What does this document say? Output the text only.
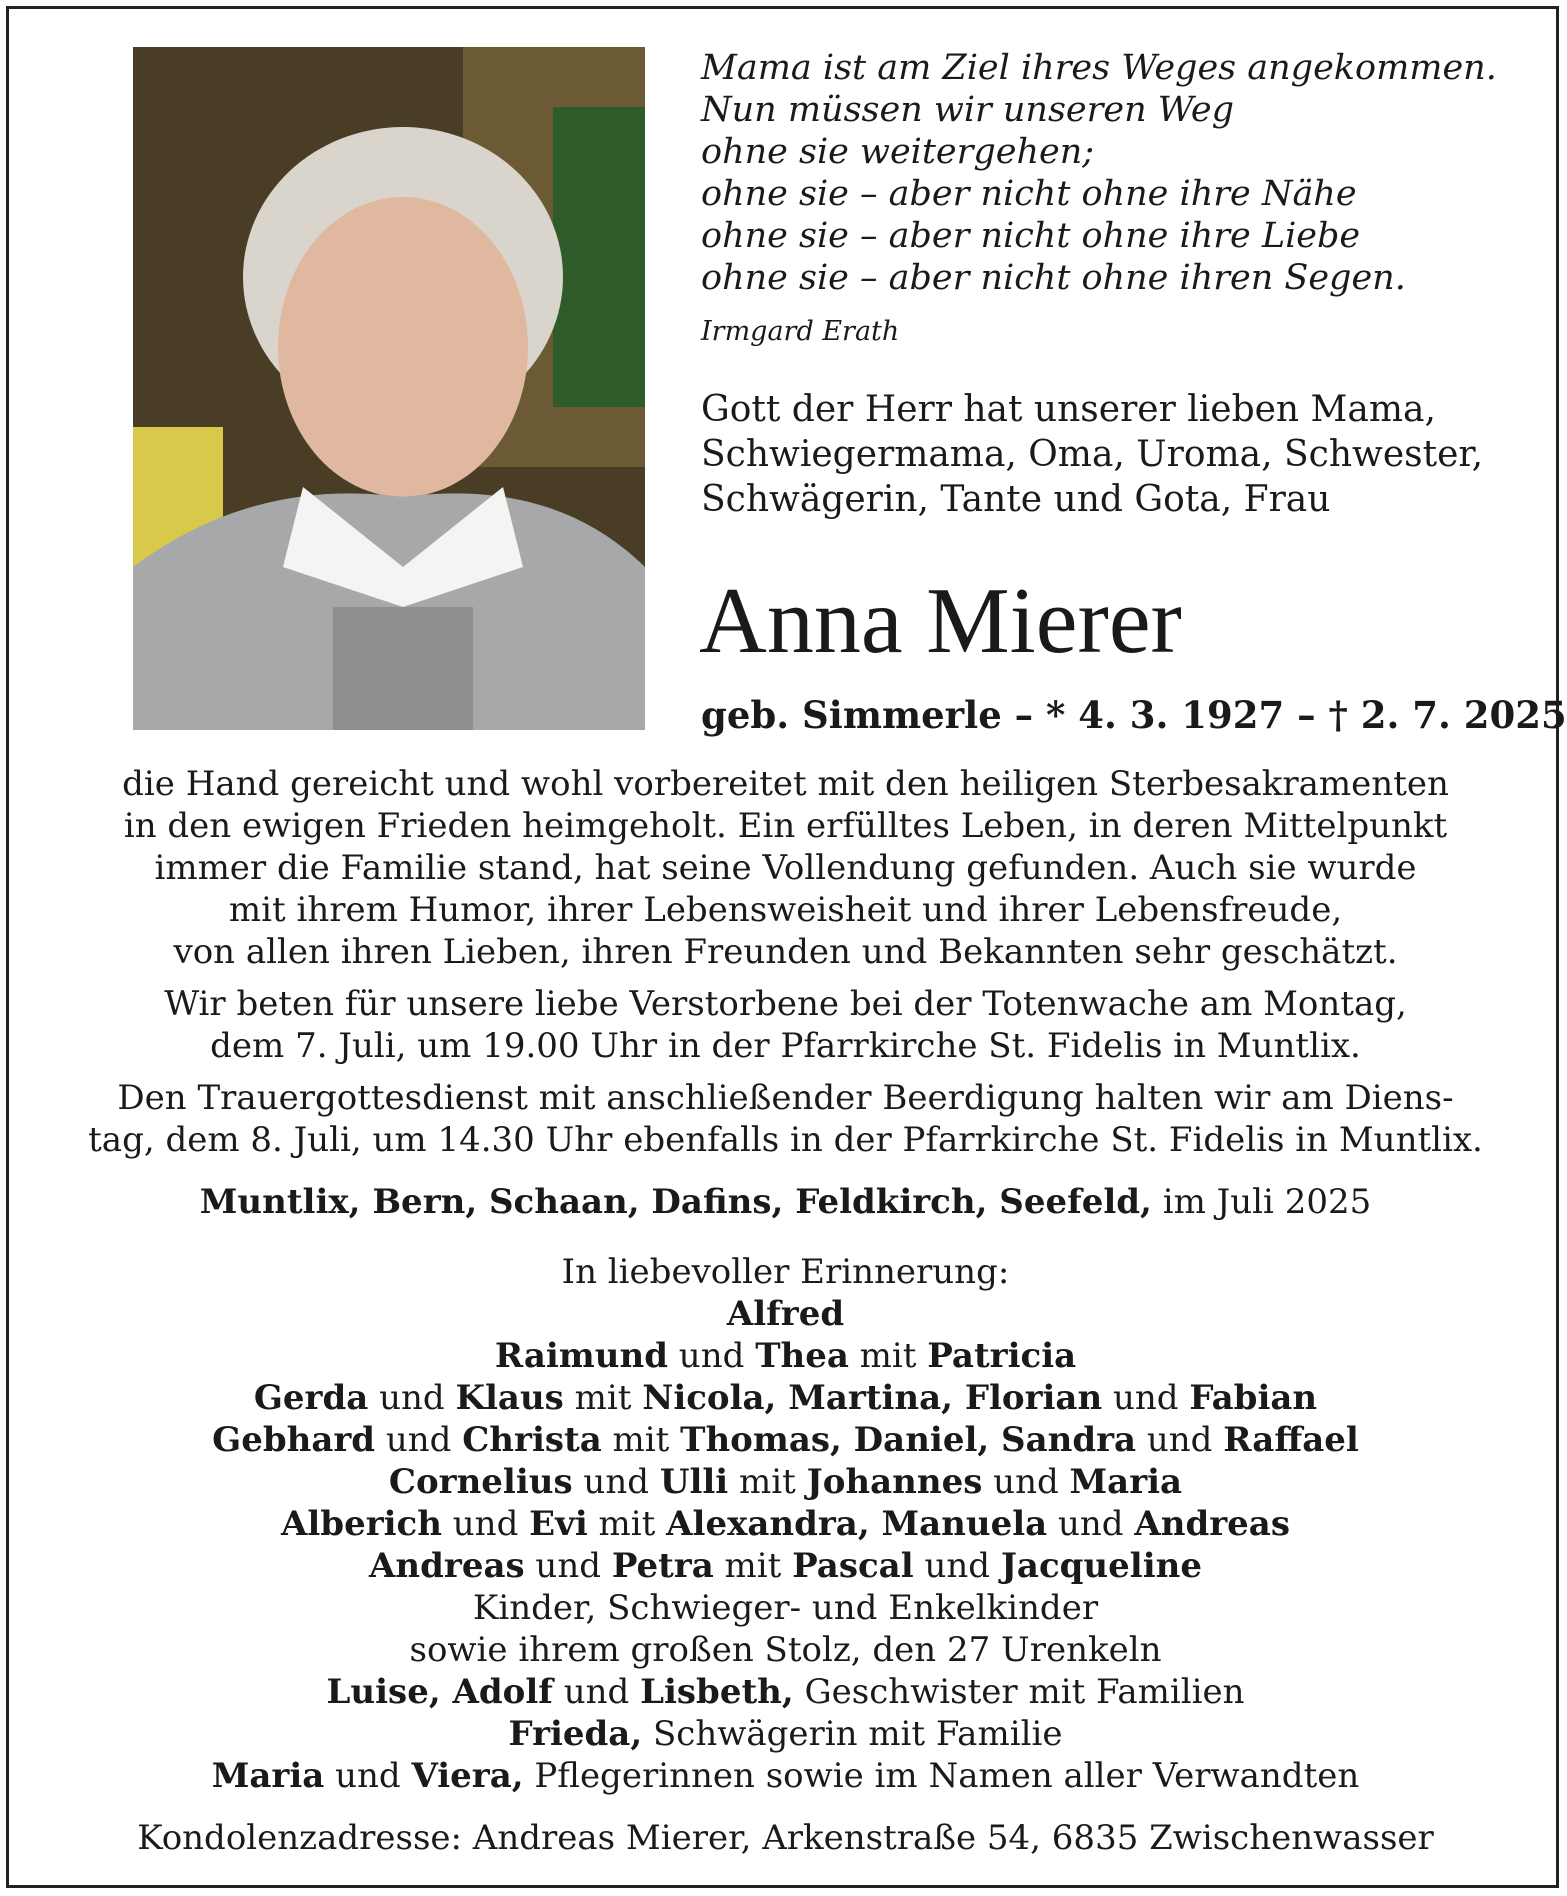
Mama ist am Ziel ihres Weges angekommen.
Nun müssen wir unseren Weg
ohne sie weitergehen;
ohne sie – aber nicht ohne ihre Nähe
ohne sie – aber nicht ohne ihre Liebe
ohne sie – aber nicht ohne ihren Segen.
Irmgard Erath
Gott der Herr hat unserer lieben Mama,
Schwiegermama, Oma, Uroma, Schwester,
Schwägerin, Tante und Gota, Frau
Anna Mierer
geb. Simmerle – * 4. 3. 1927 – † 2. 7. 2025
die Hand gereicht und wohl vorbereitet mit den heiligen Sterbesakramenten
in den ewigen Frieden heimgeholt. Ein erfülltes Leben, in deren Mittelpunkt
immer die Familie stand, hat seine Vollendung gefunden. Auch sie wurde
mit ihrem Humor, ihrer Lebensweisheit und ihrer Lebensfreude,
von allen ihren Lieben, ihren Freunden und Bekannten sehr geschätzt.
Wir beten für unsere liebe Verstorbene bei der Totenwache am Montag,
dem 7. Juli, um 19.00 Uhr in der Pfarrkirche St. Fidelis in Muntlix.
Den Trauergottesdienst mit anschließender Beerdigung halten wir am Diens-
tag, dem 8. Juli, um 14.30 Uhr ebenfalls in der Pfarrkirche St. Fidelis in Muntlix.
Muntlix, Bern, Schaan, Dafins, Feldkirch, Seefeld, im Juli 2025
In liebevoller Erinnerung:
Alfred
Raimund und Thea mit Patricia
Gerda und Klaus mit Nicola, Martina, Florian und Fabian
Gebhard und Christa mit Thomas, Daniel, Sandra und Raffael
Cornelius und Ulli mit Johannes und Maria
Alberich und Evi mit Alexandra, Manuela und Andreas
Andreas und Petra mit Pascal und Jacqueline
Kinder, Schwieger- und Enkelkinder
sowie ihrem großen Stolz, den 27 Urenkeln
Luise, Adolf und Lisbeth, Geschwister mit Familien
Frieda, Schwägerin mit Familie
Maria und Viera, Pflegerinnen sowie im Namen aller Verwandten
Kondolenzadresse: Andreas Mierer, Arkenstraße 54, 6835 Zwischenwasser
